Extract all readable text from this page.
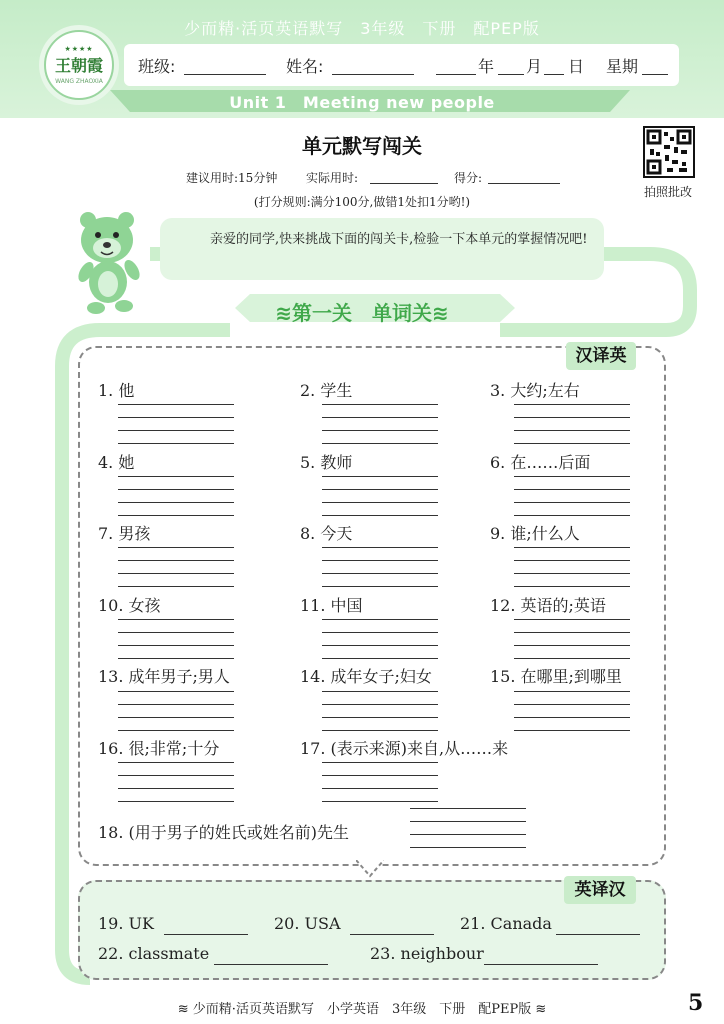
少而精·活页英语默写　3年级　下册　配PEP版
★★★★
王朝霞
WANG ZHAOXIA
班级:	姓名:	年 月 日 星期
Unit 1　Meeting new people
单元默写闯关
建议用时:15分钟 实际用时:	得分:
(打分规则:满分100分,做错1处扣1分哟!)
拍照批改
亲爱的同学,快来挑战下面的闯关卡,检验一下本单元的掌握情况吧!
≋第一关　单词关≋
汉译英
1. 他	2. 学生	3. 大约;左右
4. 她	5. 教师	6. 在……后面
7. 男孩	8. 今天	9. 谁;什么人
10. 女孩	11. 中国	12. 英语的;英语
13. 成年男子;男人	14. 成年女子;妇女	15. 在哪里;到哪里
16. 很;非常;十分	17. (表示来源)来自,从……来
18. (用于男子的姓氏或姓名前)先生
英译汉
19. UK	20. USA	21. Canada
22. classmate	23. neighbour
≋ 少而精·活页英语默写　小学英语　3年级　下册　配PEP版 ≋	5
